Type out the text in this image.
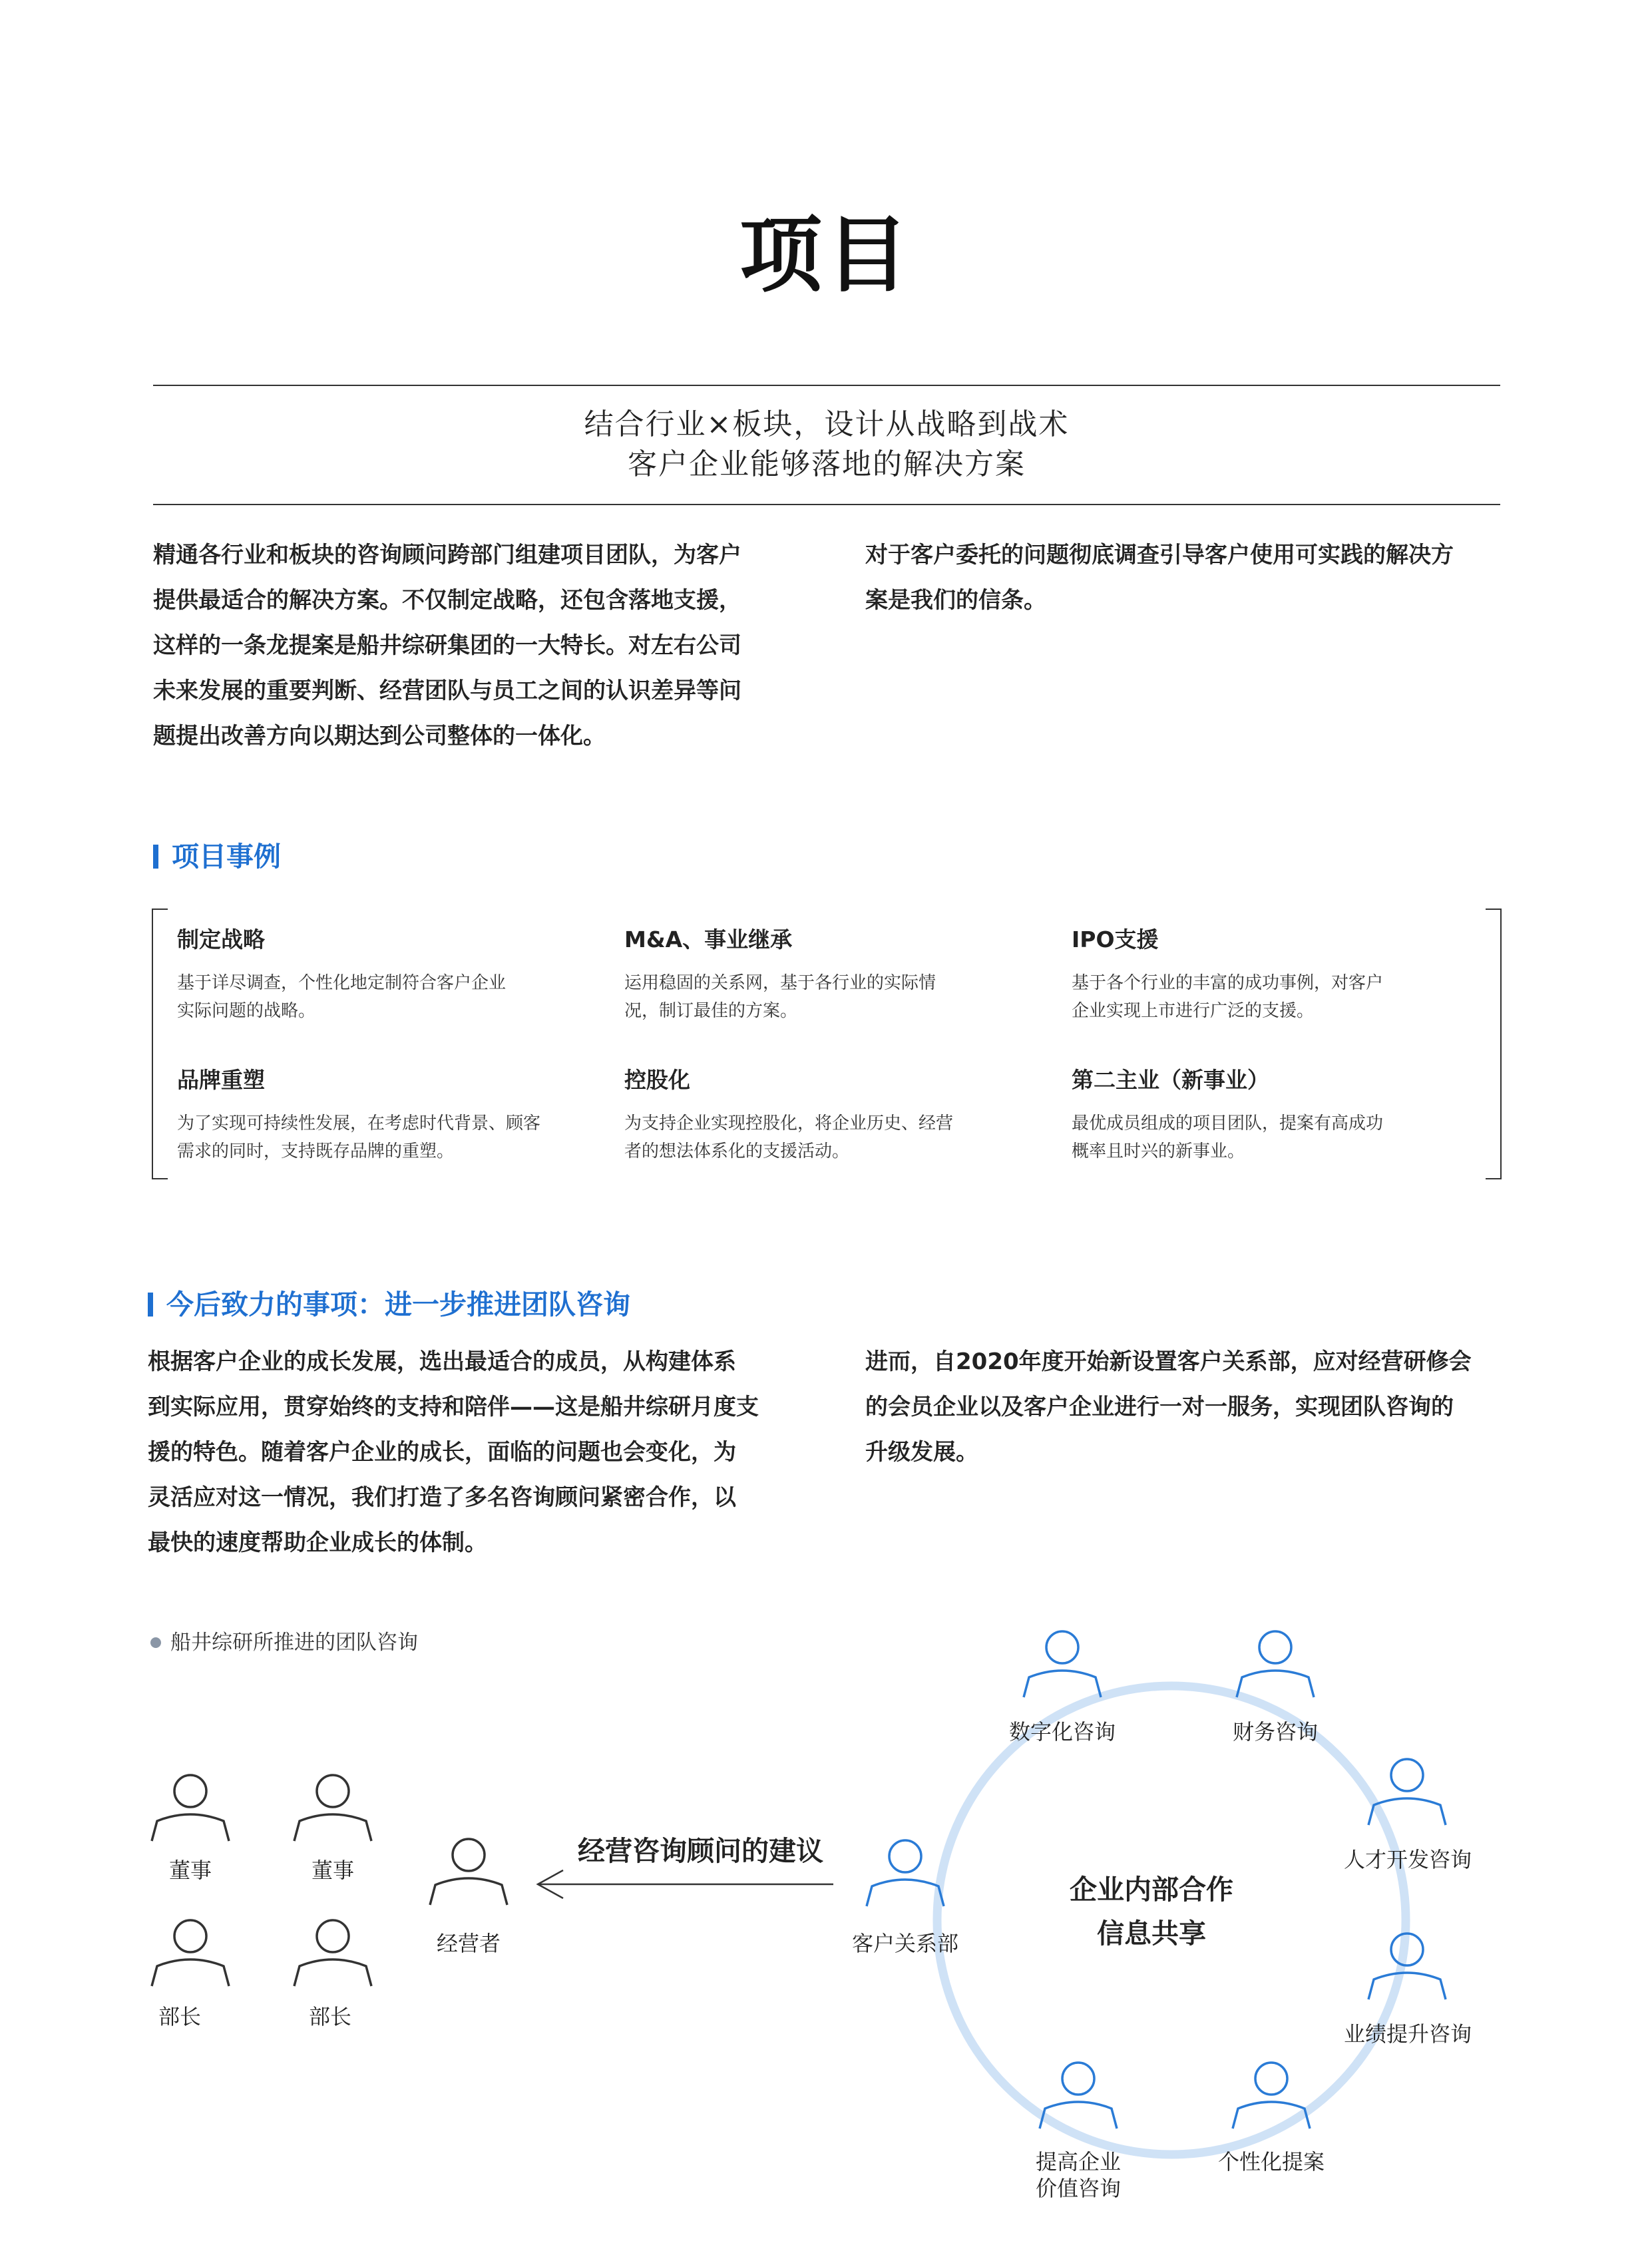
项目
结合行业×板块，设计从战略到战术
客户企业能够落地的解决方案
精通各行业和板块的咨询顾问跨部门组建项目团队，为客户
提供最适合的解决方案。不仅制定战略，还包含落地支援，
这样的一条龙提案是船井综研集团的一大特长。对左右公司
未来发展的重要判断、经营团队与员工之间的认识差异等问
题提出改善方向以期达到公司整体的一体化。
对于客户委托的问题彻底调查引导客户使用可实践的解决方
案是我们的信条。
项目事例
制定战略
基于详尽调查，个性化地定制符合客户企业
实际问题的战略。
M&A、事业继承
运用稳固的关系网，基于各行业的实际情
况，制订最佳的方案。
IPO支援
基于各个行业的丰富的成功事例，对客户
企业实现上市进行广泛的支援。
品牌重塑
为了实现可持续性发展，在考虑时代背景、顾客
需求的同时，支持既存品牌的重塑。
控股化
为支持企业实现控股化，将企业历史、经营
者的想法体系化的支援活动。
第二主业（新事业）
最优成员组成的项目团队，提案有高成功
概率且时兴的新事业。
今后致力的事项：进一步推进团队咨询
根据客户企业的成长发展，选出最适合的成员，从构建体系
到实际应用，贯穿始终的支持和陪伴——这是船井综研月度支
援的特色。随着客户企业的成长，面临的问题也会变化，为
灵活应对这一情况，我们打造了多名咨询顾问紧密合作，以
最快的速度帮助企业成长的体制。
进而，自2020年度开始新设置客户关系部，应对经营研修会
的会员企业以及客户企业进行一对一服务，实现团队咨询的
升级发展。
船井综研所推进的团队咨询
经营咨询顾问的建议
企业内部合作
信息共享
董事	董事
部长	部长
经营者	客户关系部
数字化咨询	财务咨询
人才开发咨询
业绩提升咨询
个性化提案
提高企业
价值咨询
